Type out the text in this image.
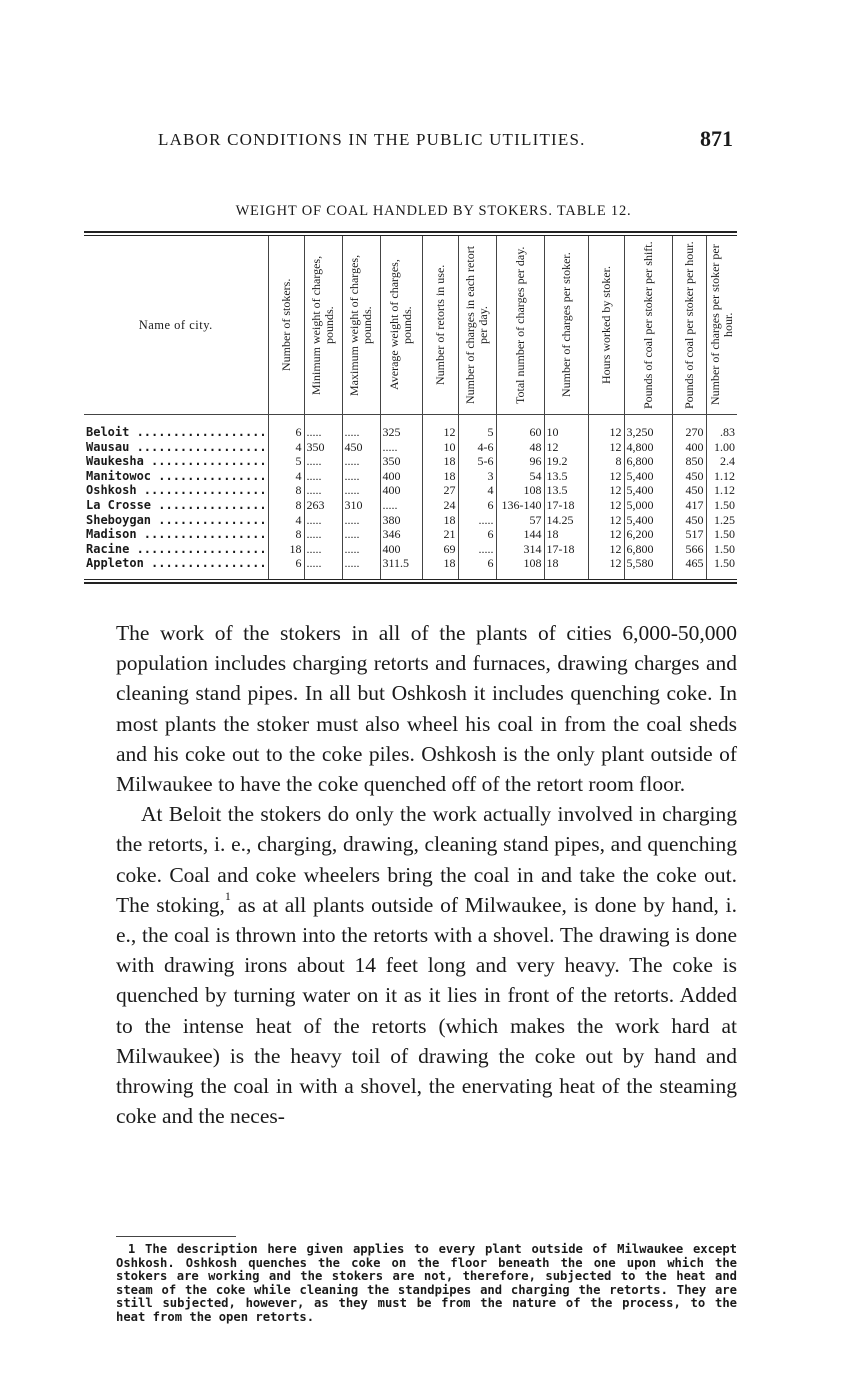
LABOR CONDITIONS IN THE PUBLIC UTILITIES.	871
WEIGHT OF COAL HANDLED BY STOKERS. TABLE 12.
Name of city.	Number of stokers.	Minimum weight of charges, pounds.	Maximum weight of charges, pounds.	Average weight of charges, pounds.	Number of retorts in use.	Number of charges in each retort per day.	Total number of charges per day.	Number of charges per stoker.	Hours worked by stoker.	Pounds of coal per stoker per shift.	Pounds of coal per stoker per hour.	Number of charges per stoker per hour.

Beloit ..................	6	.....	.....	325	12	5	60	10	12	3,250	270	.83
Wausau ..................	4	350	450	.....	10	4-6	48	12	12	4,800	400	1.00
Waukesha ................	5	.....	.....	350	18	5-6	96	19.2	8	6,800	850	2.4
Manitowoc ...............	4	.....	.....	400	18	3	54	13.5	12	5,400	450	1.12
Oshkosh .................	8	.....	.....	400	27	4	108	13.5	12	5,400	450	1.12
La Crosse ...............	8	263	310	.....	24	6	136-140	17-18	12	5,000	417	1.50
Sheboygan ...............	4	.....	.....	380	18	.....	57	14.25	12	5,400	450	1.25
Madison .................	8	.....	.....	346	21	6	144	18	12	6,200	517	1.50
Racine ..................	18	.....	.....	400	69	.....	314	17-18	12	6,800	566	1.50
Appleton ................	6	.....	.....	311.5	18	6	108	18	12	5,580	465	1.50

The work of the stokers in all of the plants of cities 6,000-50,000 population includes charging retorts and furnaces, drawing charges and cleaning stand pipes. In all but Oshkosh it includes quenching coke. In most plants the stoker must also wheel his coal in from the coal sheds and his coke out to the coke piles. Oshkosh is the only plant outside of Milwaukee to have the coke quenched off of the retort room floor.

At Beloit the stokers do only the work actually involved in charging the retorts, i. e., charging, drawing, cleaning stand pipes, and quenching coke. Coal and coke wheelers bring the coal in and take the coke out. The stoking,$^1$ as at all plants outside of Milwaukee, is done by hand, i. e., the coal is thrown into the retorts with a shovel. The drawing is done with drawing irons about 14 feet long and very heavy. The coke is quenched by turning water on it as it lies in front of the retorts. Added to the intense heat of the retorts (which makes the work hard at Milwaukee) is the heavy toil of drawing the coke out by hand and throwing the coal in with a shovel, the enervating heat of the steaming coke and the neces-

$^1$ The description here given applies to every plant outside of Milwaukee except Oshkosh. Oshkosh quenches the coke on the floor beneath the one upon which the stokers are working and the stokers are not, therefore, subjected to the heat and steam of the coke while cleaning the standpipes and charging the retorts. They are still subjected, however, as they must be from the nature of the process, to the heat from the open retorts.
